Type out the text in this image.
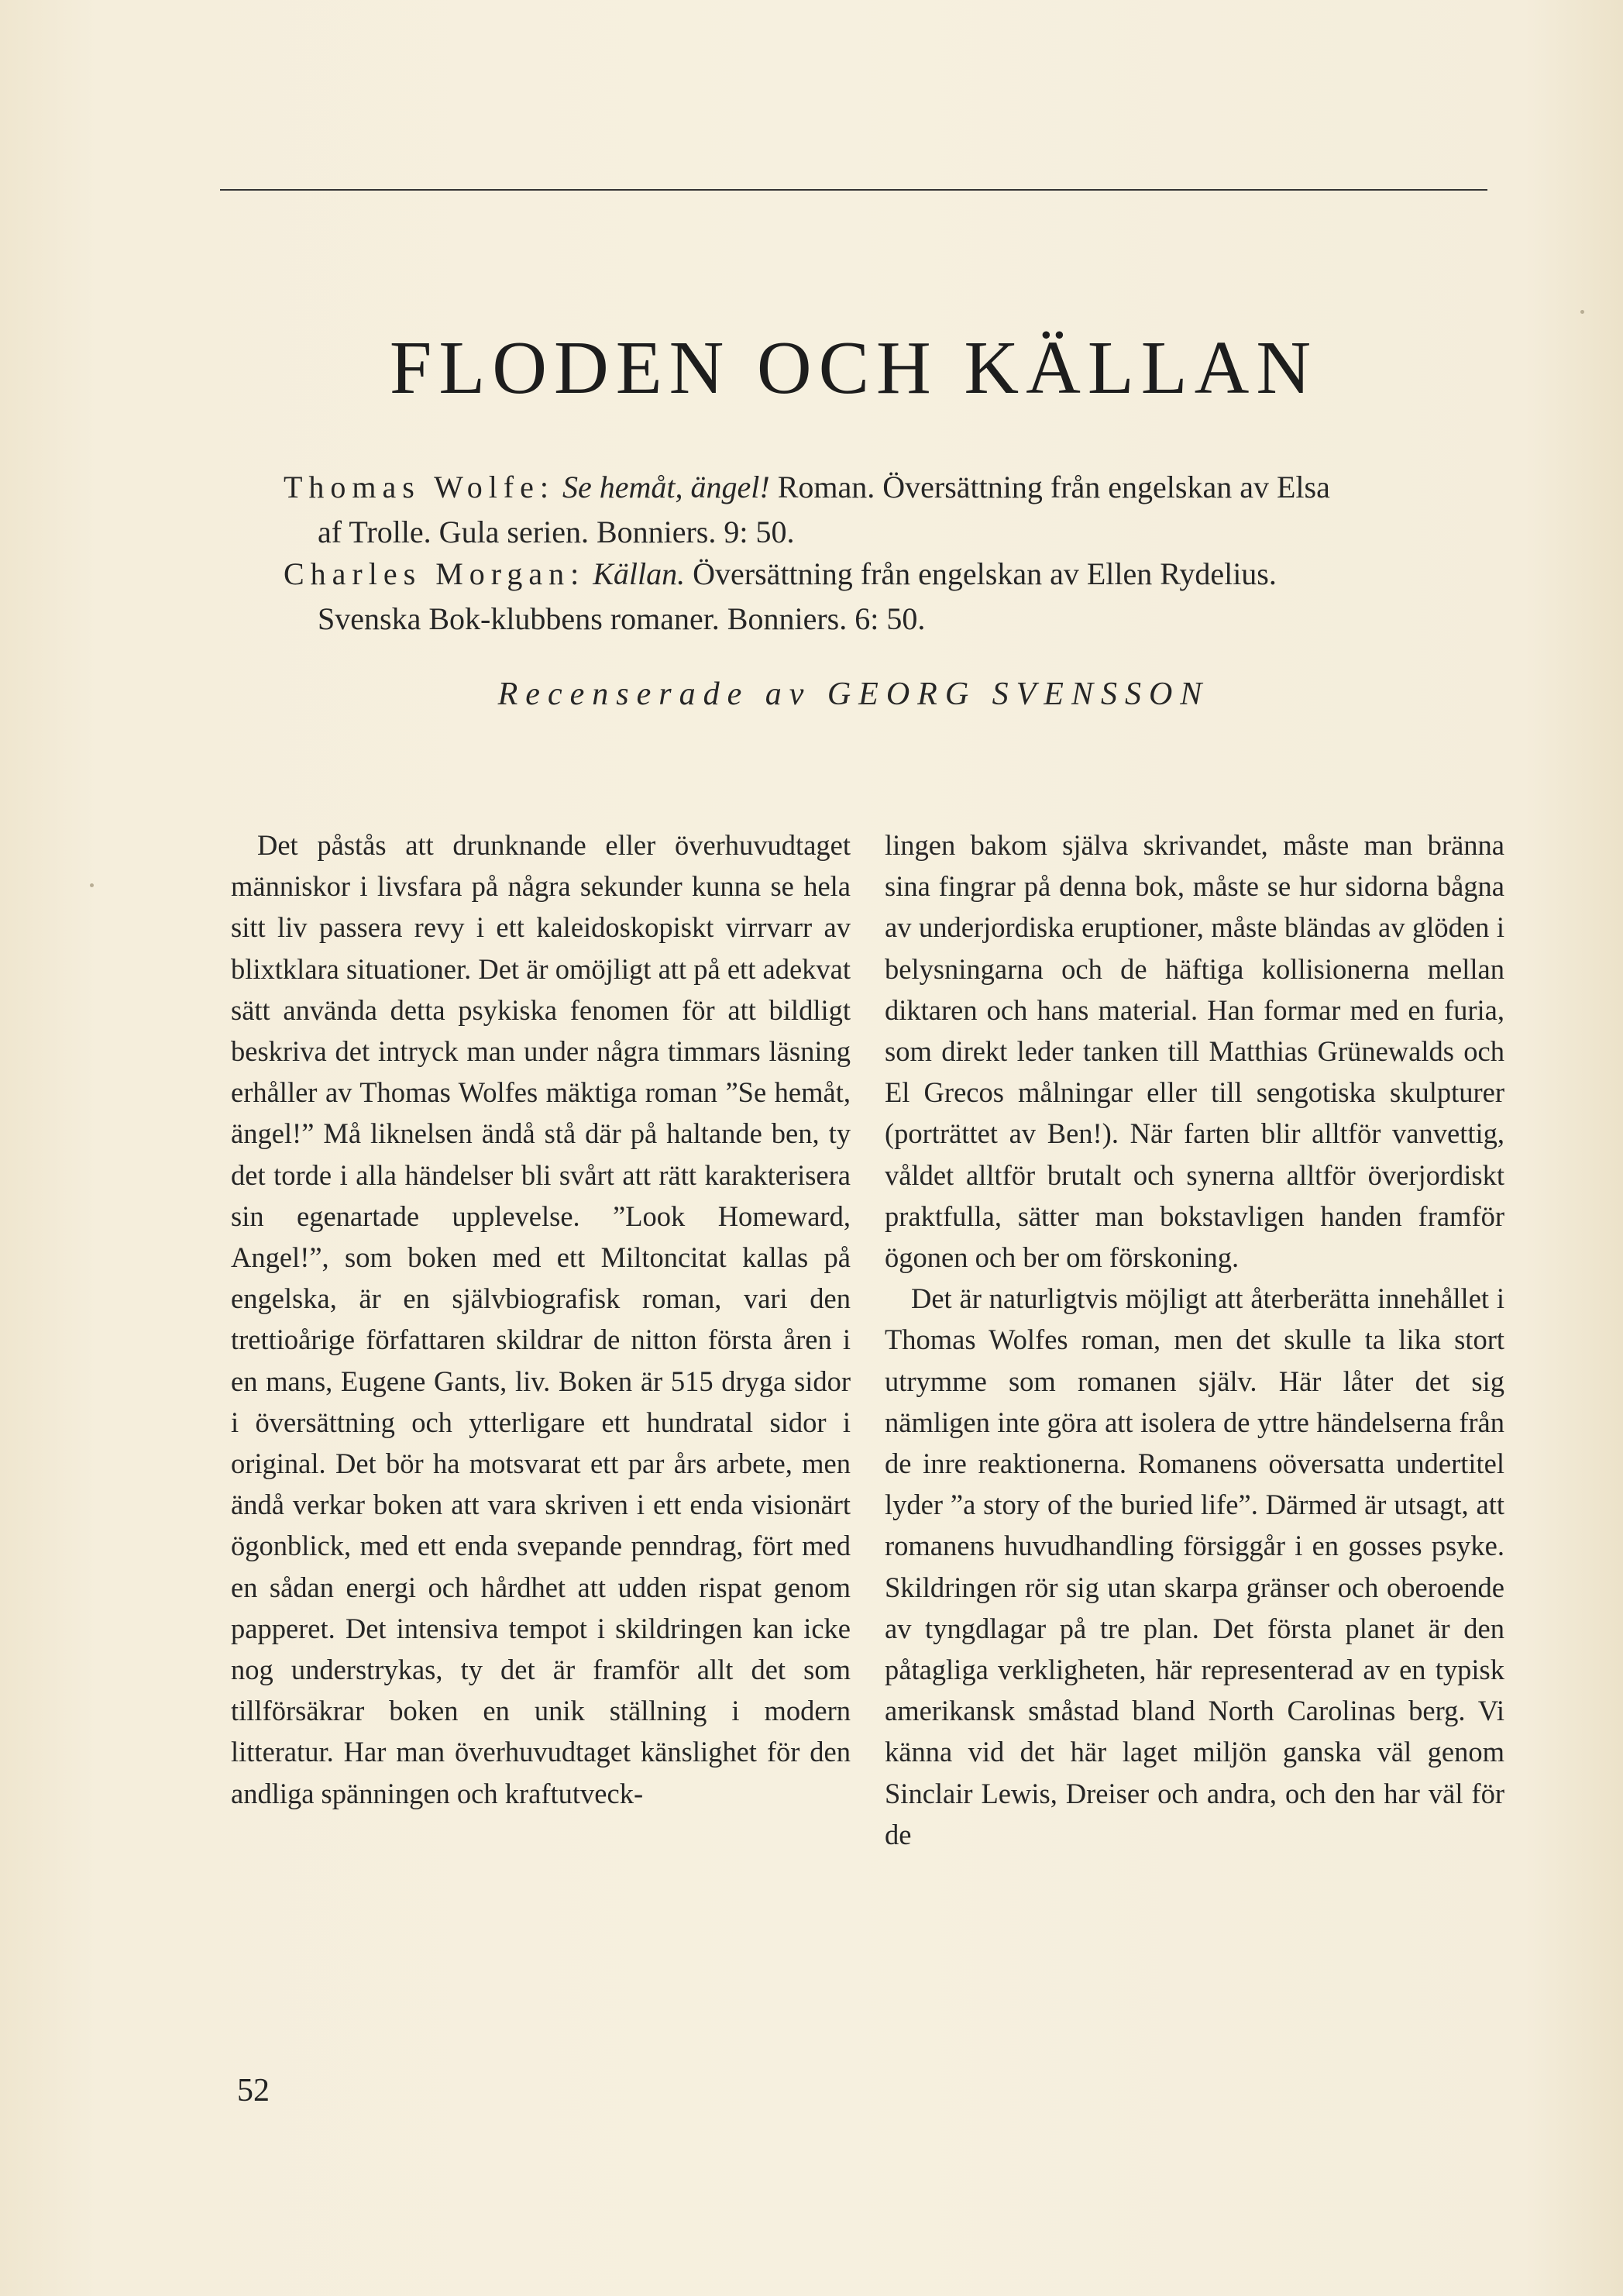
FLODEN OCH KÄLLAN
Thomas Wolfe: Se hemåt, ängel! Roman. Översättning från engelskan av Elsa
af Trolle. Gula serien. Bonniers. 9: 50.
Charles Morgan: Källan. Översättning från engelskan av Ellen Rydelius.
Svenska Bok-klubbens romaner. Bonniers. 6: 50.
Recenserade av GEORG SVENSSON

Det påstås att drunknande eller överhuvudtaget människor i livsfara på några sekunder kunna se hela sitt liv passera revy i ett kaleidoskopiskt virrvarr av blixtklara situationer. Det är omöjligt att på ett adekvat sätt använda detta psykiska fenomen för att bildligt beskriva det intryck man under några timmars läsning erhåller av Thomas Wolfes mäktiga roman ”Se hemåt, ängel!” Må liknelsen ändå stå där på haltande ben, ty det torde i alla händelser bli svårt att rätt karakterisera sin egenartade upplevelse. ”Look Homeward, Angel!”, som boken med ett Miltoncitat kallas på engelska, är en självbiografisk roman, vari den trettioårige författaren skildrar de nitton första åren i en mans, Eugene Gants, liv. Boken är 515 dryga sidor i översättning och ytterligare ett hundratal sidor i original. Det bör ha motsvarat ett par års arbete, men ändå verkar boken att vara skriven i ett enda visionärt ögonblick, med ett enda svepande penndrag, fört med en sådan energi och hårdhet att udden rispat genom papperet. Det intensiva tempot i skildringen kan icke nog understrykas, ty det är framför allt det som tillförsäkrar boken en unik ställning i modern litteratur. Har man överhuvudtaget känslighet för den andliga spänningen och kraftutveck-

lingen bakom själva skrivandet, måste man bränna sina fingrar på denna bok, måste se hur sidorna bågna av underjordiska eruptioner, måste bländas av glöden i belysningarna och de häftiga kollisionerna mellan diktaren och hans material. Han formar med en furia, som direkt leder tanken till Matthias Grünewalds och El Grecos målningar eller till sengotiska skulpturer (porträttet av Ben!). När farten blir alltför vanvettig, våldet alltför brutalt och synerna alltför överjordiskt praktfulla, sätter man bokstavligen handen framför ögonen och ber om förskoning.

Det är naturligtvis möjligt att återberätta innehållet i Thomas Wolfes roman, men det skulle ta lika stort utrymme som romanen själv. Här låter det sig nämligen inte göra att isolera de yttre händelserna från de inre reaktionerna. Romanens oöversatta undertitel lyder ”a story of the buried life”. Därmed är utsagt, att romanens huvudhandling försiggår i en gosses psyke. Skildringen rör sig utan skarpa gränser och oberoende av tyngdlagar på tre plan. Det första planet är den påtagliga verkligheten, här representerad av en typisk amerikansk småstad bland North Carolinas berg. Vi känna vid det här laget miljön ganska väl genom Sinclair Lewis, Dreiser och andra, och den har väl för de

52
